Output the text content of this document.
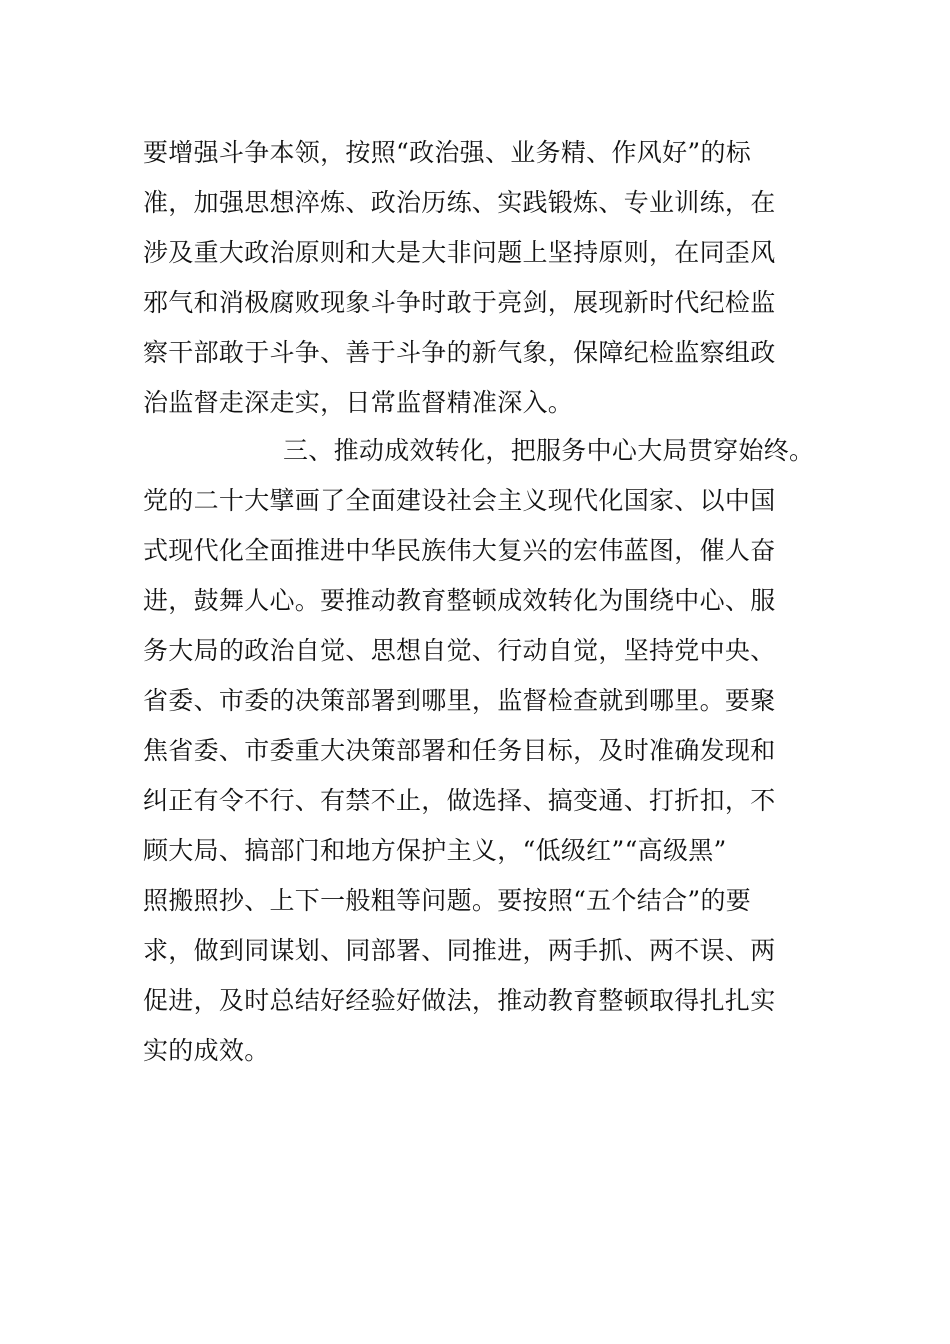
要增强斗争本领，按照“政治强、业务精、作风好”的标
准，加强思想淬炼、政治历练、实践锻炼、专业训练，在
涉及重大政治原则和大是大非问题上坚持原则，在同歪风
邪气和消极腐败现象斗争时敢于亮剑，展现新时代纪检监
察干部敢于斗争、善于斗争的新气象，保障纪检监察组政
治监督走深走实，日常监督精准深入。
三、推动成效转化，把服务中心大局贯穿始终。
党的二十大擘画了全面建设社会主义现代化国家、以中国
式现代化全面推进中华民族伟大复兴的宏伟蓝图，催人奋
进，鼓舞人心。要推动教育整顿成效转化为围绕中心、服
务大局的政治自觉、思想自觉、行动自觉，坚持党中央、
省委、市委的决策部署到哪里，监督检查就到哪里。要聚
焦省委、市委重大决策部署和任务目标，及时准确发现和
纠正有令不行、有禁不止，做选择、搞变通、打折扣，不
顾大局、搞部门和地方保护主义，“低级红”“高级黑”
照搬照抄、上下一般粗等问题。要按照“五个结合”的要
求，做到同谋划、同部署、同推进，两手抓、两不误、两
促进，及时总结好经验好做法，推动教育整顿取得扎扎实
实的成效。
